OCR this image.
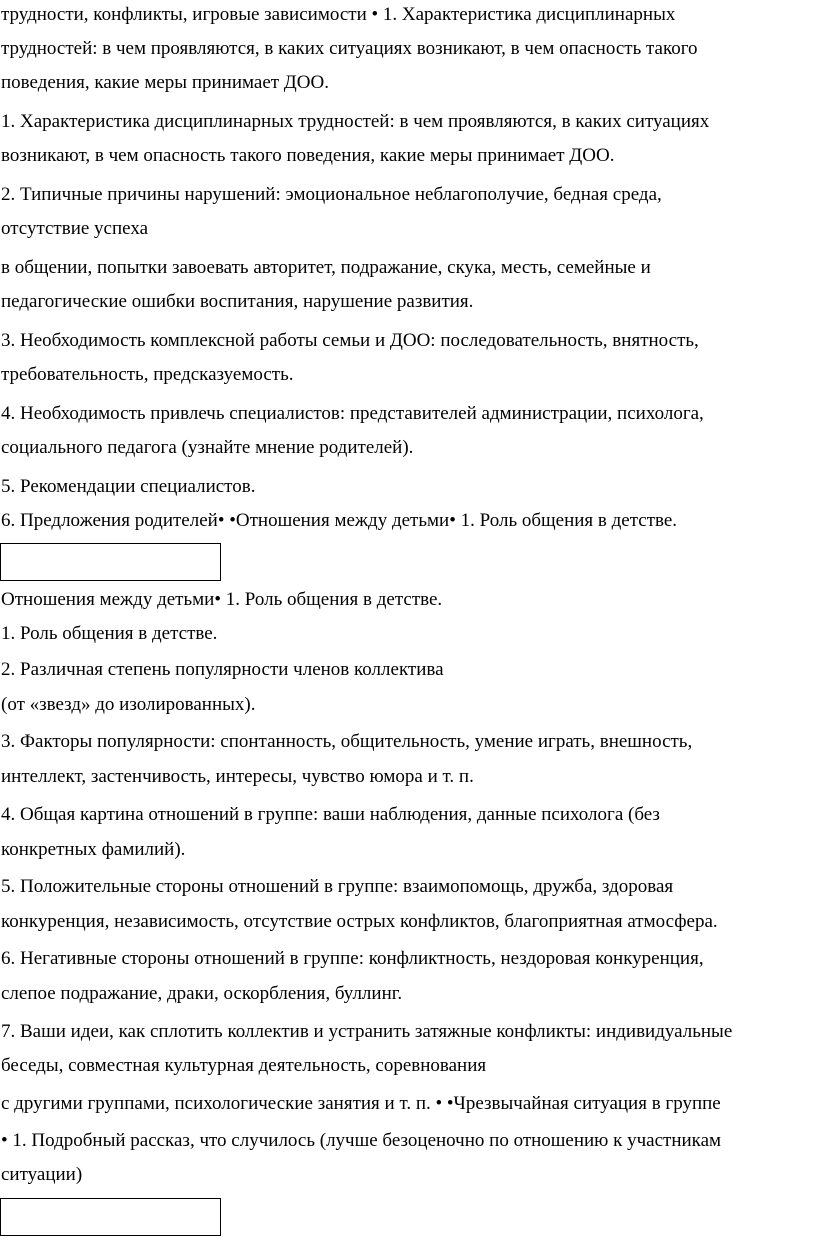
трудности, конфликты, игровые зависимости • 1. Характеристика дисциплинарных
трудностей: в чем проявляются, в каких ситуациях возникают, в чем опасность такого
поведения, какие меры принимает ДОО.
1. Характеристика дисциплинарных трудностей: в чем проявляются, в каких ситуациях
возникают, в чем опасность такого поведения, какие меры принимает ДОО.
2. Типичные причины нарушений: эмоциональное неблагополучие, бедная среда,
отсутствие успеха
в общении, попытки завоевать авторитет, подражание, скука, месть, семейные и
педагогические ошибки воспитания, нарушение развития.
3. Необходимость комплексной работы семьи и ДОО: последовательность, внятность,
требовательность, предсказуемость.
4. Необходимость привлечь специалистов: представителей администрации, психолога,
социального педагога (узнайте мнение родителей).
5. Рекомендации специалистов.
6. Предложения родителей• •Отношения между детьми• 1. Роль общения в детстве.
Отношения между детьми• 1. Роль общения в детстве.
1. Роль общения в детстве.
2. Различная степень популярности членов коллектива
(от «звезд» до изолированных).
3. Факторы популярности: спонтанность, общительность, умение играть, внешность,
интеллект, застенчивость, интересы, чувство юмора и т. п.
4. Общая картина отношений в группе: ваши наблюдения, данные психолога (без
конкретных фамилий).
5. Положительные стороны отношений в группе: взаимопомощь, дружба, здоровая
конкуренция, независимость, отсутствие острых конфликтов, благоприятная атмосфера.
6. Негативные стороны отношений в группе: конфликтность, нездоровая конкуренция,
слепое подражание, драки, оскорбления, буллинг.
7. Ваши идеи, как сплотить коллектив и устранить затяжные конфликты: индивидуальные
беседы, совместная культурная деятельность, соревнования
с другими группами, психологические занятия и т. п. • •Чрезвычайная ситуация в группе
• 1. Подробный рассказ, что случилось (лучше безоценочно по отношению к участникам
ситуации)
